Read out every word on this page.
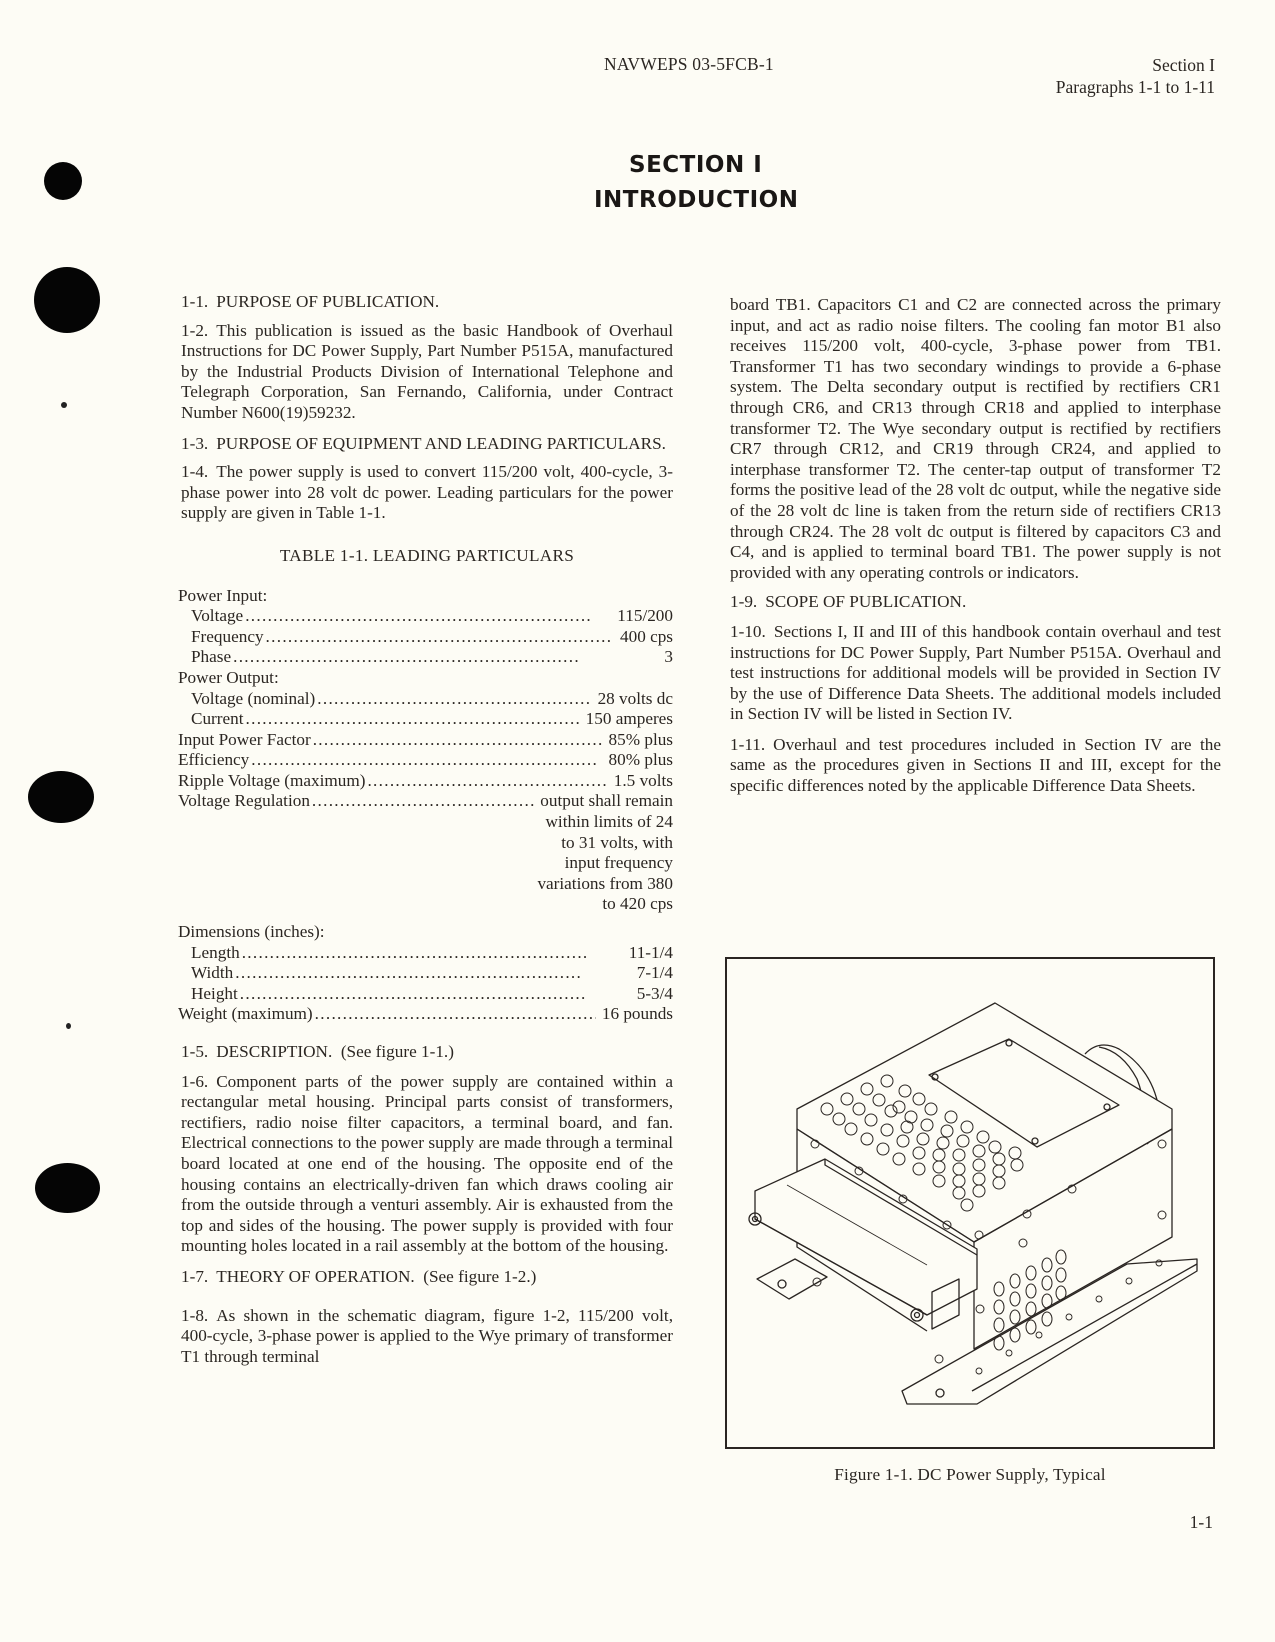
NAVWEPS 03-5FCB-1	Section I
Paragraphs 1-1 to 1-11
SECTION I
INTRODUCTION

1-1. PURPOSE OF PUBLICATION.

1-2. This publication is issued as the basic Handbook of Overhaul Instructions for DC Power Supply, Part Number P515A, manufactured by the Industrial Products Division of International Telephone and Telegraph Corporation, San Fernando, California, under Contract Number N600(19)59232.

1-3. PURPOSE OF EQUIPMENT AND LEADING PARTICULARS.

1-4. The power supply is used to convert 115/200 volt, 400-cycle, 3-phase power into 28 volt dc power. Leading particulars for the power supply are given in Table 1-1.

TABLE 1-1. LEADING PARTICULARS
Power Input:
Voltage . . .	115/200
Frequency . . .	400 cps
Phase . . .	3
Power Output:
Voltage (nominal) . . .	28 volts dc
Current . . .	150 amperes
Input Power Factor . . .	85% plus
Efficiency . . .	80% plus
Ripple Voltage (maximum) . . .	1.5 volts
Voltage Regulation . . .	output shall remain
within limits of 24
to 31 volts, with
input frequency
variations from 380
to 420 cps
Dimensions (inches):
Length . . .	11-1/4
Width . . .	7-1/4
Height . . .	5-3/4
Weight (maximum) . . .	16 pounds

1-5. DESCRIPTION.  (See figure 1-1.)

1-6. Component parts of the power supply are contained within a rectangular metal housing. Principal parts consist of transformers, rectifiers, radio noise filter capacitors, a terminal board, and fan. Electrical connections to the power supply are made through a terminal board located at one end of the housing. The opposite end of the housing contains an electrically-driven fan which draws cooling air from the outside through a venturi assembly. Air is exhausted from the top and sides of the housing. The power supply is provided with four mounting holes located in a rail assembly at the bottom of the housing.

1-7. THEORY OF OPERATION.  (See figure 1-2.)

1-8. As shown in the schematic diagram, figure 1-2, 115/200 volt, 400-cycle, 3-phase power is applied to the Wye primary of transformer T1 through terminal

board TB1. Capacitors C1 and C2 are connected across the primary input, and act as radio noise filters. The cooling fan motor B1 also receives 115/200 volt, 400-cycle, 3-phase power from TB1. Transformer T1 has two secondary windings to provide a 6-phase system. The Delta secondary output is rectified by rectifiers CR1 through CR6, and CR13 through CR18 and applied to interphase transformer T2. The Wye secondary output is rectified by rectifiers CR7 through CR12, and CR19 through CR24, and applied to interphase transformer T2. The center-tap output of transformer T2 forms the positive lead of the 28 volt dc output, while the negative side of the 28 volt dc line is taken from the return side of rectifiers CR13 through CR24. The 28 volt dc output is filtered by capacitors C3 and C4, and is applied to terminal board TB1. The power supply is not provided with any operating controls or indicators.

1-9. SCOPE OF PUBLICATION.

1-10. Sections I, II and III of this handbook contain overhaul and test instructions for DC Power Supply, Part Number P515A. Overhaul and test instructions for additional models will be provided in Section IV by the use of Difference Data Sheets. The additional models included in Section IV will be listed in Section IV.

1-11. Overhaul and test procedures included in Section IV are the same as the procedures given in Sections II and III, except for the specific differences noted by the applicable Difference Data Sheets.

Figure 1-1. DC Power Supply, Typical
1-1
